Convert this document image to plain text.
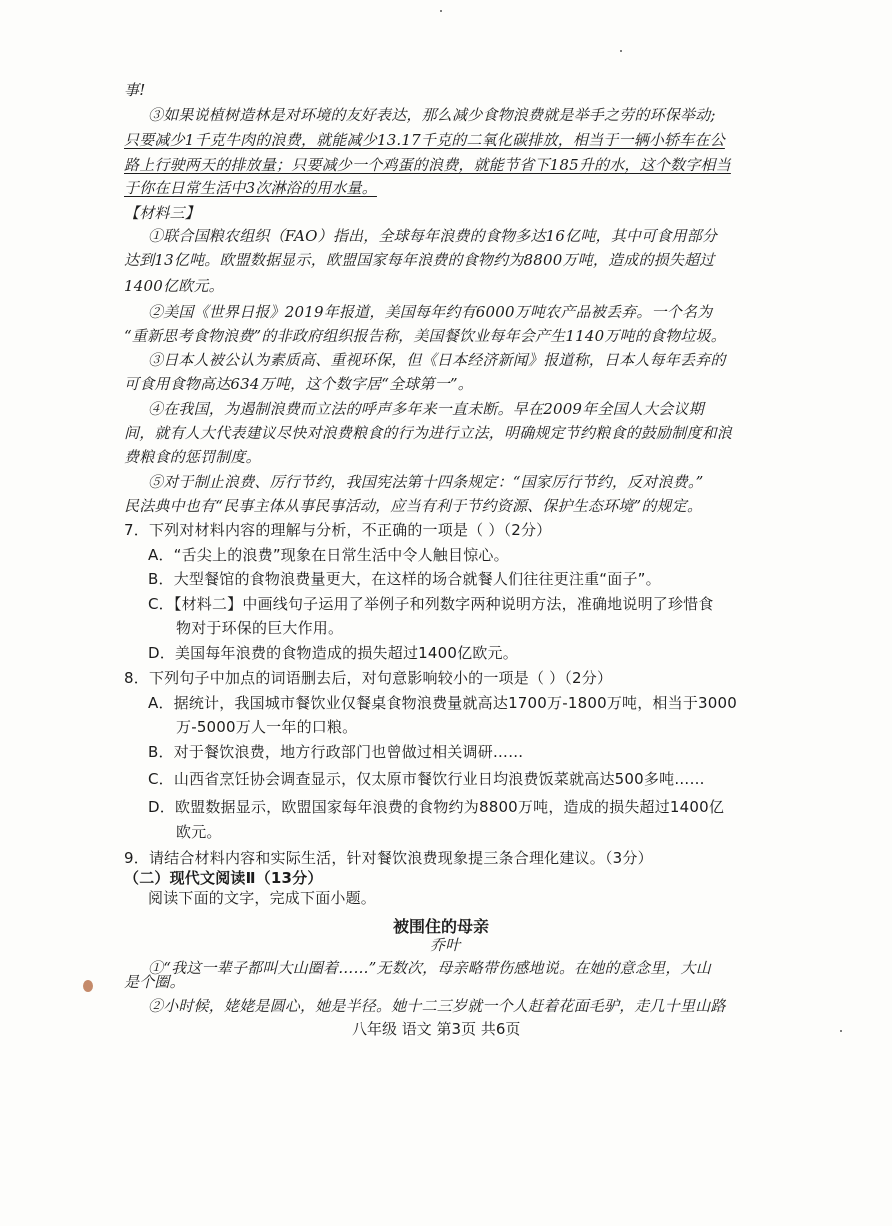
事!
③如果说植树造林是对环境的友好表达，那么减少食物浪费就是举手之劳的环保举动;
只要减少1千克牛肉的浪费，就能减少13.17千克的二氧化碳排放，相当于一辆小轿车在公
路上行驶两天的排放量；只要减少一个鸡蛋的浪费，就能节省下185升的水，这个数字相当
于你在日常生活中3次淋浴的用水量。
【材料三】
①联合国粮农组织（FAO）指出，全球每年浪费的食物多达16亿吨，其中可食用部分
达到13亿吨。欧盟数据显示，欧盟国家每年浪费的食物约为8800万吨，造成的损失超过
1400亿欧元。
②美国《世界日报》2019年报道，美国每年约有6000万吨农产品被丢弃。一个名为
“重新思考食物浪费”的非政府组织报告称，美国餐饮业每年会产生1140万吨的食物垃圾。
③日本人被公认为素质高、重视环保，但《日本经济新闻》报道称，日本人每年丢弃的
可食用食物高达634万吨，这个数字居“全球第一”。
④在我国，为遏制浪费而立法的呼声多年来一直未断。早在2009年全国人大会议期
间，就有人大代表建议尽快对浪费粮食的行为进行立法，明确规定节约粮食的鼓励制度和浪
费粮食的惩罚制度。
⑤对于制止浪费、厉行节约，我国宪法第十四条规定：“国家厉行节约，反对浪费。”
民法典中也有“民事主体从事民事活动，应当有利于节约资源、保护生态环境”的规定。
7．下列对材料内容的理解与分析，不正确的一项是（ ）（2分）
A．“舌尖上的浪费”现象在日常生活中令人触目惊心。
B．大型餐馆的食物浪费量更大，在这样的场合就餐人们往往更注重“面子”。
C．【材料二】中画线句子运用了举例子和列数字两种说明方法，准确地说明了珍惜食
物对于环保的巨大作用。
D．美国每年浪费的食物造成的损失超过1400亿欧元。
8．下列句子中加点的词语删去后，对句意影响较小的一项是（ ）（2分）
A．据统计，我国城市餐饮业仅餐桌食物浪费量就高达1700万-1800万吨，相当于3000
万-5000万人一年的口粮。
B．对于餐饮浪费，地方行政部门也曾做过相关调研……
C．山西省烹饪协会调查显示，仅太原市餐饮行业日均浪费饭菜就高达500多吨……
D．欧盟数据显示，欧盟国家每年浪费的食物约为8800万吨，造成的损失超过1400亿
欧元。
9．请结合材料内容和实际生活，针对餐饮浪费现象提三条合理化建议。（3分）
（二）现代文阅读Ⅱ（13分）
阅读下面的文字，完成下面小题。
被围住的母亲
乔叶
①“我这一辈子都叫大山圈着……”无数次，母亲略带伤感地说。在她的意念里，大山
是个圈。
②小时候，姥姥是圆心，她是半径。她十二三岁就一个人赶着花面毛驴，走几十里山路
八年级 语文 第3页 共6页
